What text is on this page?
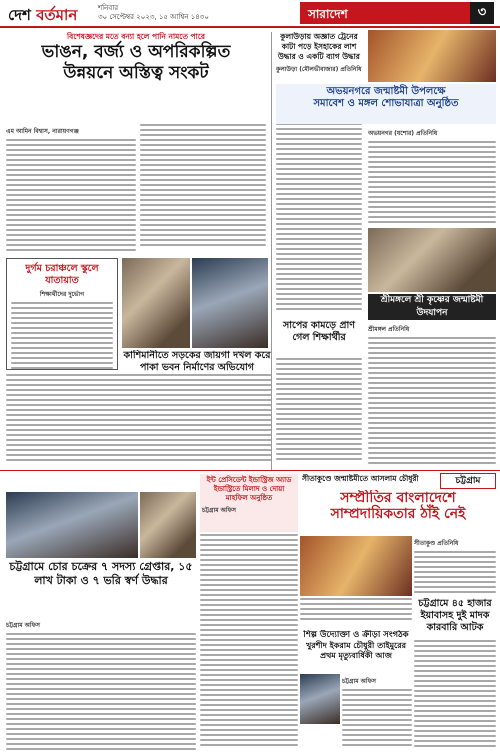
দেশ বর্তমান	শনিবার
৩০ সেপ্টেম্বর ২০২৩, ১৫ আশ্বিন ১৪৩০	সারাদেশ	৩
বিশেষজ্ঞদের মতে বন্যা হলে পানি নামতে পারে
ভাঙন, বর্জ্য ও অপরিকল্পিত
উন্নয়নে অস্তিত্ব সংকট
এম আমিন বিশ্বাস, নারায়ণগঞ্জ
দুর্গম চরাঞ্চলে স্কুলে যাতায়াত
শিক্ষার্থীদের দুর্ভোগ
কাশিমানীতে সড়কের জায়গা দখল করে
পাকা ভবন নির্মাণের অভিযোগ
কুলাউড়ায় অজ্ঞাত ট্রেনের কাটা পড়ে ইসহাকের লাশ উদ্ধার ও একটি ব্যাগ উদ্ধার
কুলাউড়া (মৌলভীবাজার) প্রতিনিধি
সাপের কামড়ে প্রাণ গেল শিক্ষার্থীর
অভয়নগরে জন্মাষ্টমী উপলক্ষে
সমাবেশ ও মঙ্গল শোভাযাত্রা অনুষ্ঠিত
অভয়নগর (যশোর) প্রতিনিধি
শ্রীমঙ্গলে শ্রী কৃষ্ণের জন্মাষ্টমী উদযাপন
শ্রীমঙ্গল প্রতিনিধি
চট্টগ্রাম
চট্টগ্রামে চোর চক্রের ৭ সদস্য গ্রেপ্তার, ১৫ লাখ টাকা ও ৭ ভরি স্বর্ণ উদ্ধার
চট্টগ্রাম অফিস
ইন্ট প্রেসিডেন্ট ইন্ডাস্ট্রিজ অ্যাড ইন্ডাস্ট্রিতে মিলাদ ও দোয়া মাহফিল অনুষ্ঠিত
চট্টগ্রাম অফিস
সীতাকুণ্ডে জন্মাষ্টমীতে আসলাম চৌধুরী
সম্প্রীতির বাংলাদেশে
সাম্প্রদায়িকতার ঠাঁই নেই
সীতাকুণ্ড প্রতিনিধি
চট্টগ্রামে ৪৫ হাজার ইয়াবাসহ দুই মাদক কারবারি আটক
শিল্প উদ্যোক্তা ও ক্রীড়া সংগঠক
খুরশীদ ইকরাম চৌধুরী তাইমুরের প্রথম মৃত্যুবার্ষিকী আজ
চট্টগ্রাম অফিস
